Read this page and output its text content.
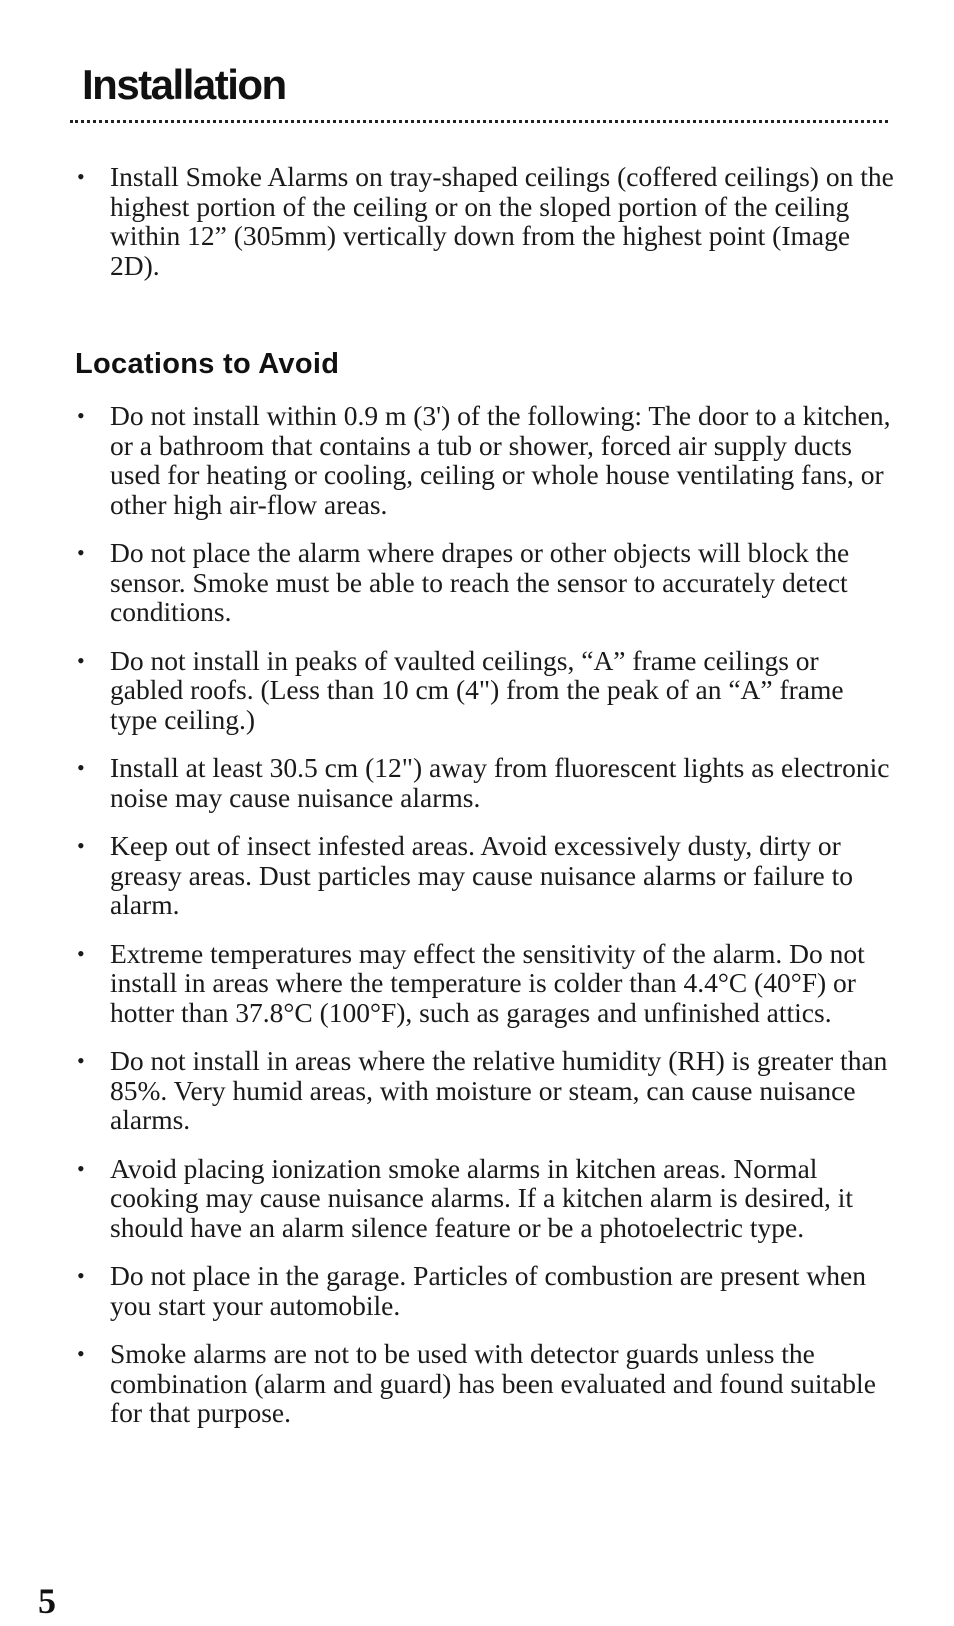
Installation
• Install Smoke Alarms on tray-shaped ceilings (coffered ceilings) on the highest portion of the ceiling or on the sloped portion of the ceiling within 12” (305mm) vertically down from the highest point (Image 2D).
Locations to Avoid
• Do not install within 0.9 m (3') of the following: The door to a kitchen, or a bathroom that contains a tub or shower, forced air supply ducts used for heating or cooling, ceiling or whole house ventilating fans, or other high air-flow areas.
• Do not place the alarm where drapes or other objects will block the sensor. Smoke must be able to reach the sensor to accurately detect conditions.
• Do not install in peaks of vaulted ceilings, “A” frame ceilings or gabled roofs. (Less than 10 cm (4") from the peak of an “A” frame type ceiling.)
• Install at least 30.5 cm (12") away from fluorescent lights as electronic noise may cause nuisance alarms.
• Keep out of insect infested areas. Avoid excessively dusty, dirty or greasy areas. Dust particles may cause nuisance alarms or failure to alarm.
• Extreme temperatures may effect the sensitivity of the alarm. Do not install in areas where the temperature is colder than 4.4°C (40°F) or hotter than 37.8°C (100°F), such as garages and unfinished attics.
• Do not install in areas where the relative humidity (RH) is greater than 85%. Very humid areas, with moisture or steam, can cause nuisance alarms.
• Avoid placing ionization smoke alarms in kitchen areas. Normal cooking may cause nuisance alarms. If a kitchen alarm is desired, it should have an alarm silence feature or be a photoelectric type.
• Do not place in the garage. Particles of combustion are present when you start your automobile.
• Smoke alarms are not to be used with detector guards unless the combination (alarm and guard) has been evaluated and found suitable for that purpose.

5
